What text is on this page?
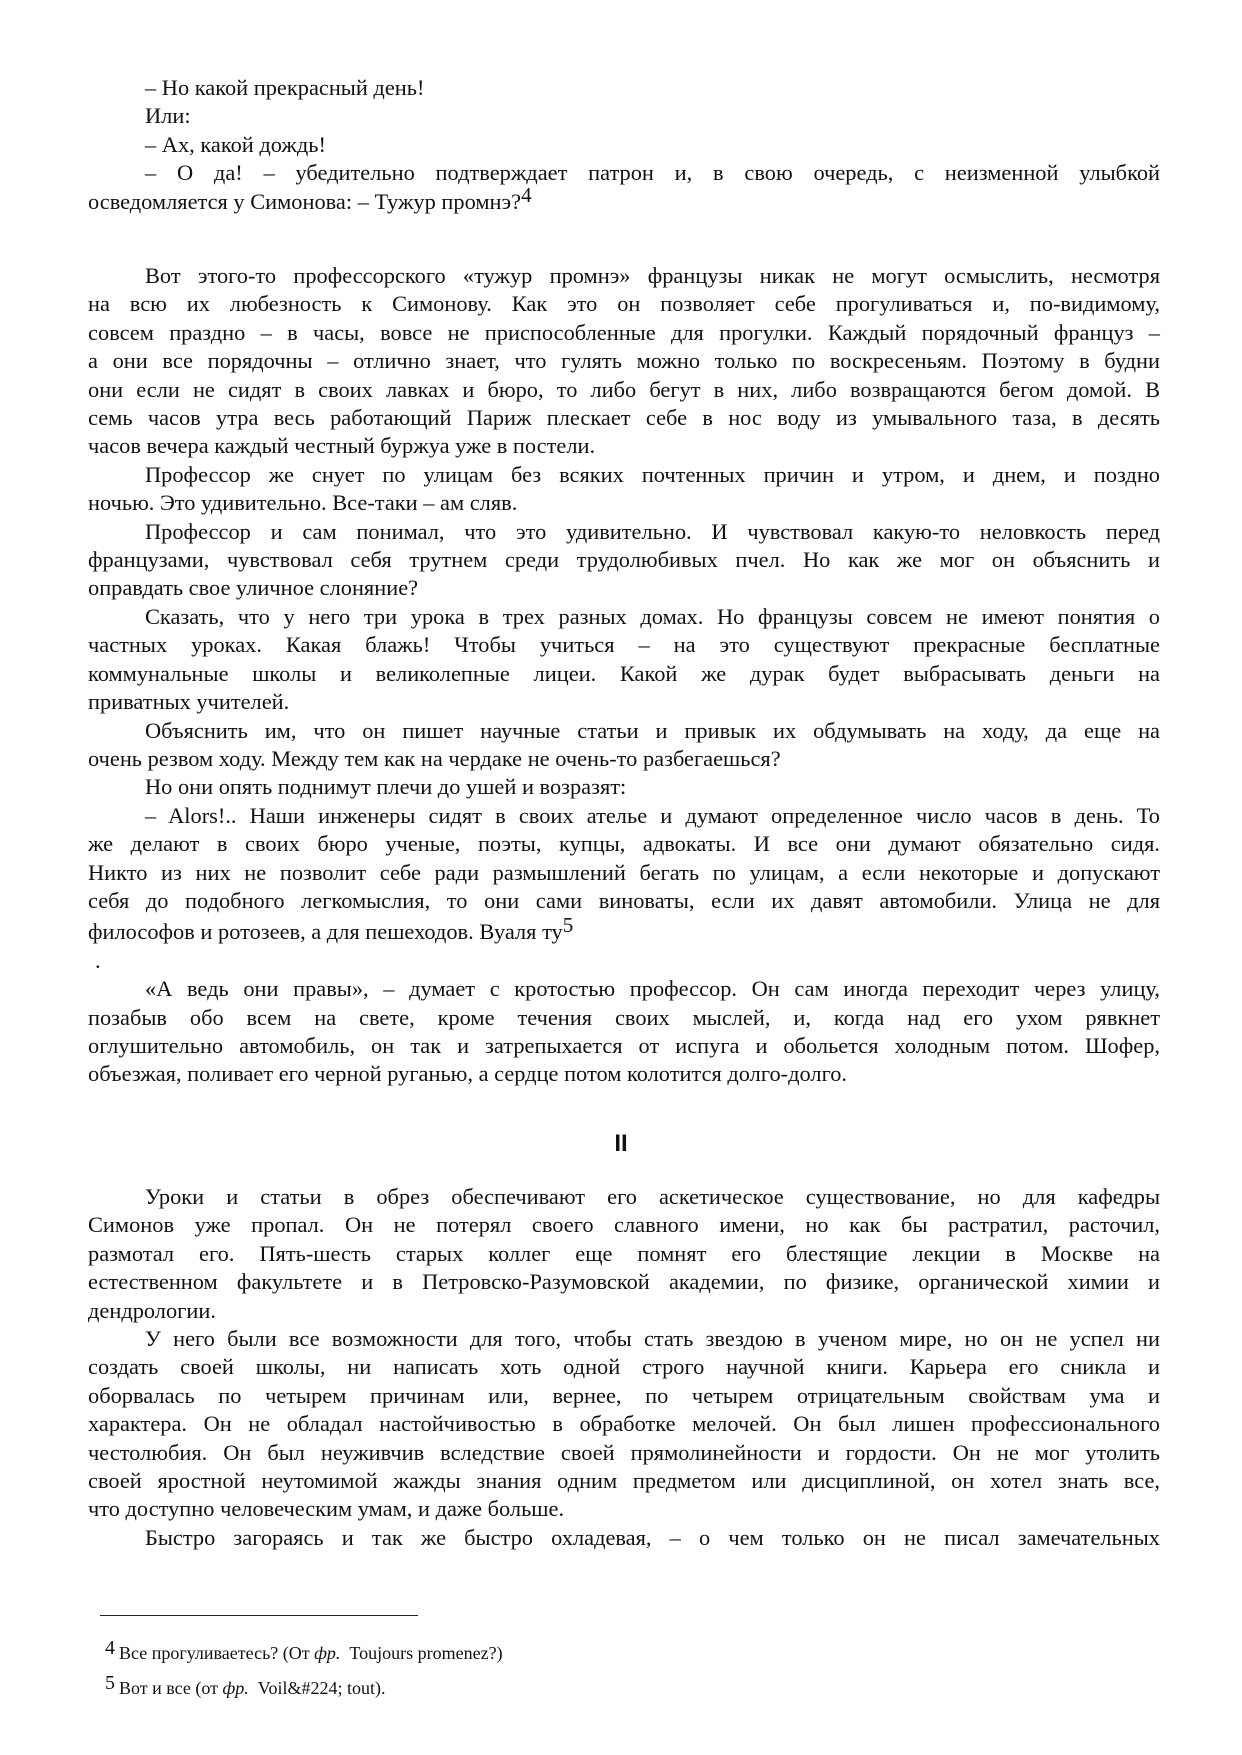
– Но какой прекрасный день!

Или:

– Ах, какой дождь!

– О да! – убедительно подтверждает патрон и, в свою очередь, с неизменной улыбкой

осведомляется у Симонова: – Тужур промнэ?4

Вот этого-то профессорского «тужур промнэ» французы никак не могут осмыслить, несмотря

на всю их любезность к Симонову. Как это он позволяет себе прогуливаться и, по-видимому,

совсем праздно – в часы, вовсе не приспособленные для прогулки. Каждый порядочный француз –

а они все порядочны – отлично знает, что гулять можно только по воскресеньям. Поэтому в будни

они если не сидят в своих лавках и бюро, то либо бегут в них, либо возвращаются бегом домой. В

семь часов утра весь работающий Париж плескает себе в нос воду из умывального таза, в десять

часов вечера каждый честный буржуа уже в постели.

Профессор же снует по улицам без всяких почтенных причин и утром, и днем, и поздно

ночью. Это удивительно. Все-таки – ам сляв.

Профессор и сам понимал, что это удивительно. И чувствовал какую-то неловкость перед

французами, чувствовал себя трутнем среди трудолюбивых пчел. Но как же мог он объяснить и

оправдать свое уличное слоняние?

Сказать, что у него три урока в трех разных домах. Но французы совсем не имеют понятия о

частных уроках. Какая блажь! Чтобы учиться – на это существуют прекрасные бесплатные

коммунальные школы и великолепные лицеи. Какой же дурак будет выбрасывать деньги на

приватных учителей.

Объяснить им, что он пишет научные статьи и привык их обдумывать на ходу, да еще на

очень резвом ходу. Между тем как на чердаке не очень-то разбегаешься?

Но они опять поднимут плечи до ушей и возразят:

– Alors!.. Наши инженеры сидят в своих ателье и думают определенное число часов в день. То

же делают в своих бюро ученые, поэты, купцы, адвокаты. И все они думают обязательно сидя.

Никто из них не позволит себе ради размышлений бегать по улицам, а если некоторые и допускают

себя до подобного легкомыслия, то они сами виноваты, если их давят автомобили. Улица не для

философов и ротозеев, а для пешеходов. Вуаля ту5

.

«А ведь они правы», – думает с кротостью профессор. Он сам иногда переходит через улицу,

позабыв обо всем на свете, кроме течения своих мыслей, и, когда над его ухом рявкнет

оглушительно автомобиль, он так и затрепыхается от испуга и обольется холодным потом. Шофер,

объезжая, поливает его черной руганью, а сердце потом колотится долго-долго.

II

Уроки и статьи в обрез обеспечивают его аскетическое существование, но для кафедры

Симонов уже пропал. Он не потерял своего славного имени, но как бы растратил, расточил,

размотал его. Пять-шесть старых коллег еще помнят его блестящие лекции в Москве на

естественном факультете и в Петровско-Разумовской академии, по физике, органической химии и

дендрологии.

У него были все возможности для того, чтобы стать звездою в ученом мире, но он не успел ни

создать своей школы, ни написать хоть одной строго научной книги. Карьера его сникла и

оборвалась по четырем причинам или, вернее, по четырем отрицательным свойствам ума и

характера. Он не обладал настойчивостью в обработке мелочей. Он был лишен профессионального

честолюбия. Он был неуживчив вследствие своей прямолинейности и гордости. Он не мог утолить

своей яростной неутомимой жажды знания одним предметом или дисциплиной, он хотел знать все,

что доступно человеческим умам, и даже больше.

Быстро загораясь и так же быстро охладевая, – о чем только он не писал замечательных

4 Все прогуливаетесь? (От фр.  Toujours promenez?)

5 Вот и все (от фр.  Voil&#224; tout).
